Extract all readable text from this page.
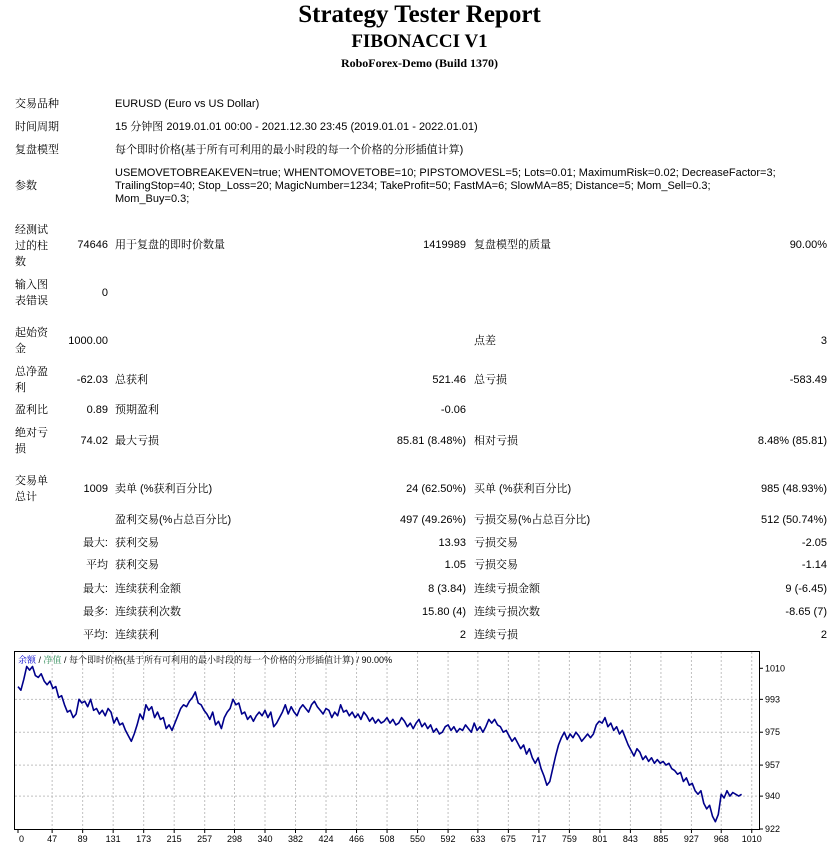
Strategy Tester Report
FIBONACCI V1
RoboForex-Demo (Build 1370)
交易品种	EURUSD (Euro vs US Dollar)
时间周期	15 分钟图 2019.01.01 00:00 - 2021.12.30 23:45 (2019.01.01 - 2022.01.01)
复盘模型	每个即时价格(基于所有可利用的最小时段的每一个价格的分形插值计算)
参数
USEMOVETOBREAKEVEN=true; WHENTOMOVETOBE=10; PIPSTOMOVESL=5; Lots=0.01; MaximumRisk=0.02; DecreaseFactor=3;
TrailingStop=40; Stop_Loss=20; MagicNumber=1234; TakeProfit=50; FastMA=6; SlowMA=85; Distance=5; Mom_Sell=0.3;
Mom_Buy=0.3;
经测试
过的柱
数
74646 用于复盘的即时价数量	1419989 复盘模型的质量	90.00%
输入图
表错误
0
起始资
金
1000.00	点差	3
总净盈
利
-62.03 总获利	521.46 总亏损	-583.49
盈利比	0.89 预期盈利	-0.06
绝对亏
损
74.02 最大亏损	85.81 (8.48%) 相对亏损	8.48% (85.81)
交易单
总计
1009 卖单 (%获利百分比)	24 (62.50%) 买单 (%获利百分比)	985 (48.93%)
盈利交易(%占总百分比)	497 (49.26%) 亏损交易(%占总百分比)	512 (50.74%)
最大: 获利交易	13.93 亏损交易	-2.05
平均 获利交易	1.05 亏损交易	-1.14
最大: 连续获利金额	8 (3.84) 连续亏损金额	9 (-6.45)
最多: 连续获利次数	15.80 (4) 连续亏损次数	-8.65 (7)
平均: 连续获利	2 连续亏损	2
1010
993
975
957
940
922
0	47 89 131 173 215 257 298 340 382 424 466 508 550 592 633 675 717 759 801 843 885 927 968 1010
余额 / 净值 / 每个即时价格(基于所有可利用的最小时段的每一个价格的分形插值计算) / 90.00%
